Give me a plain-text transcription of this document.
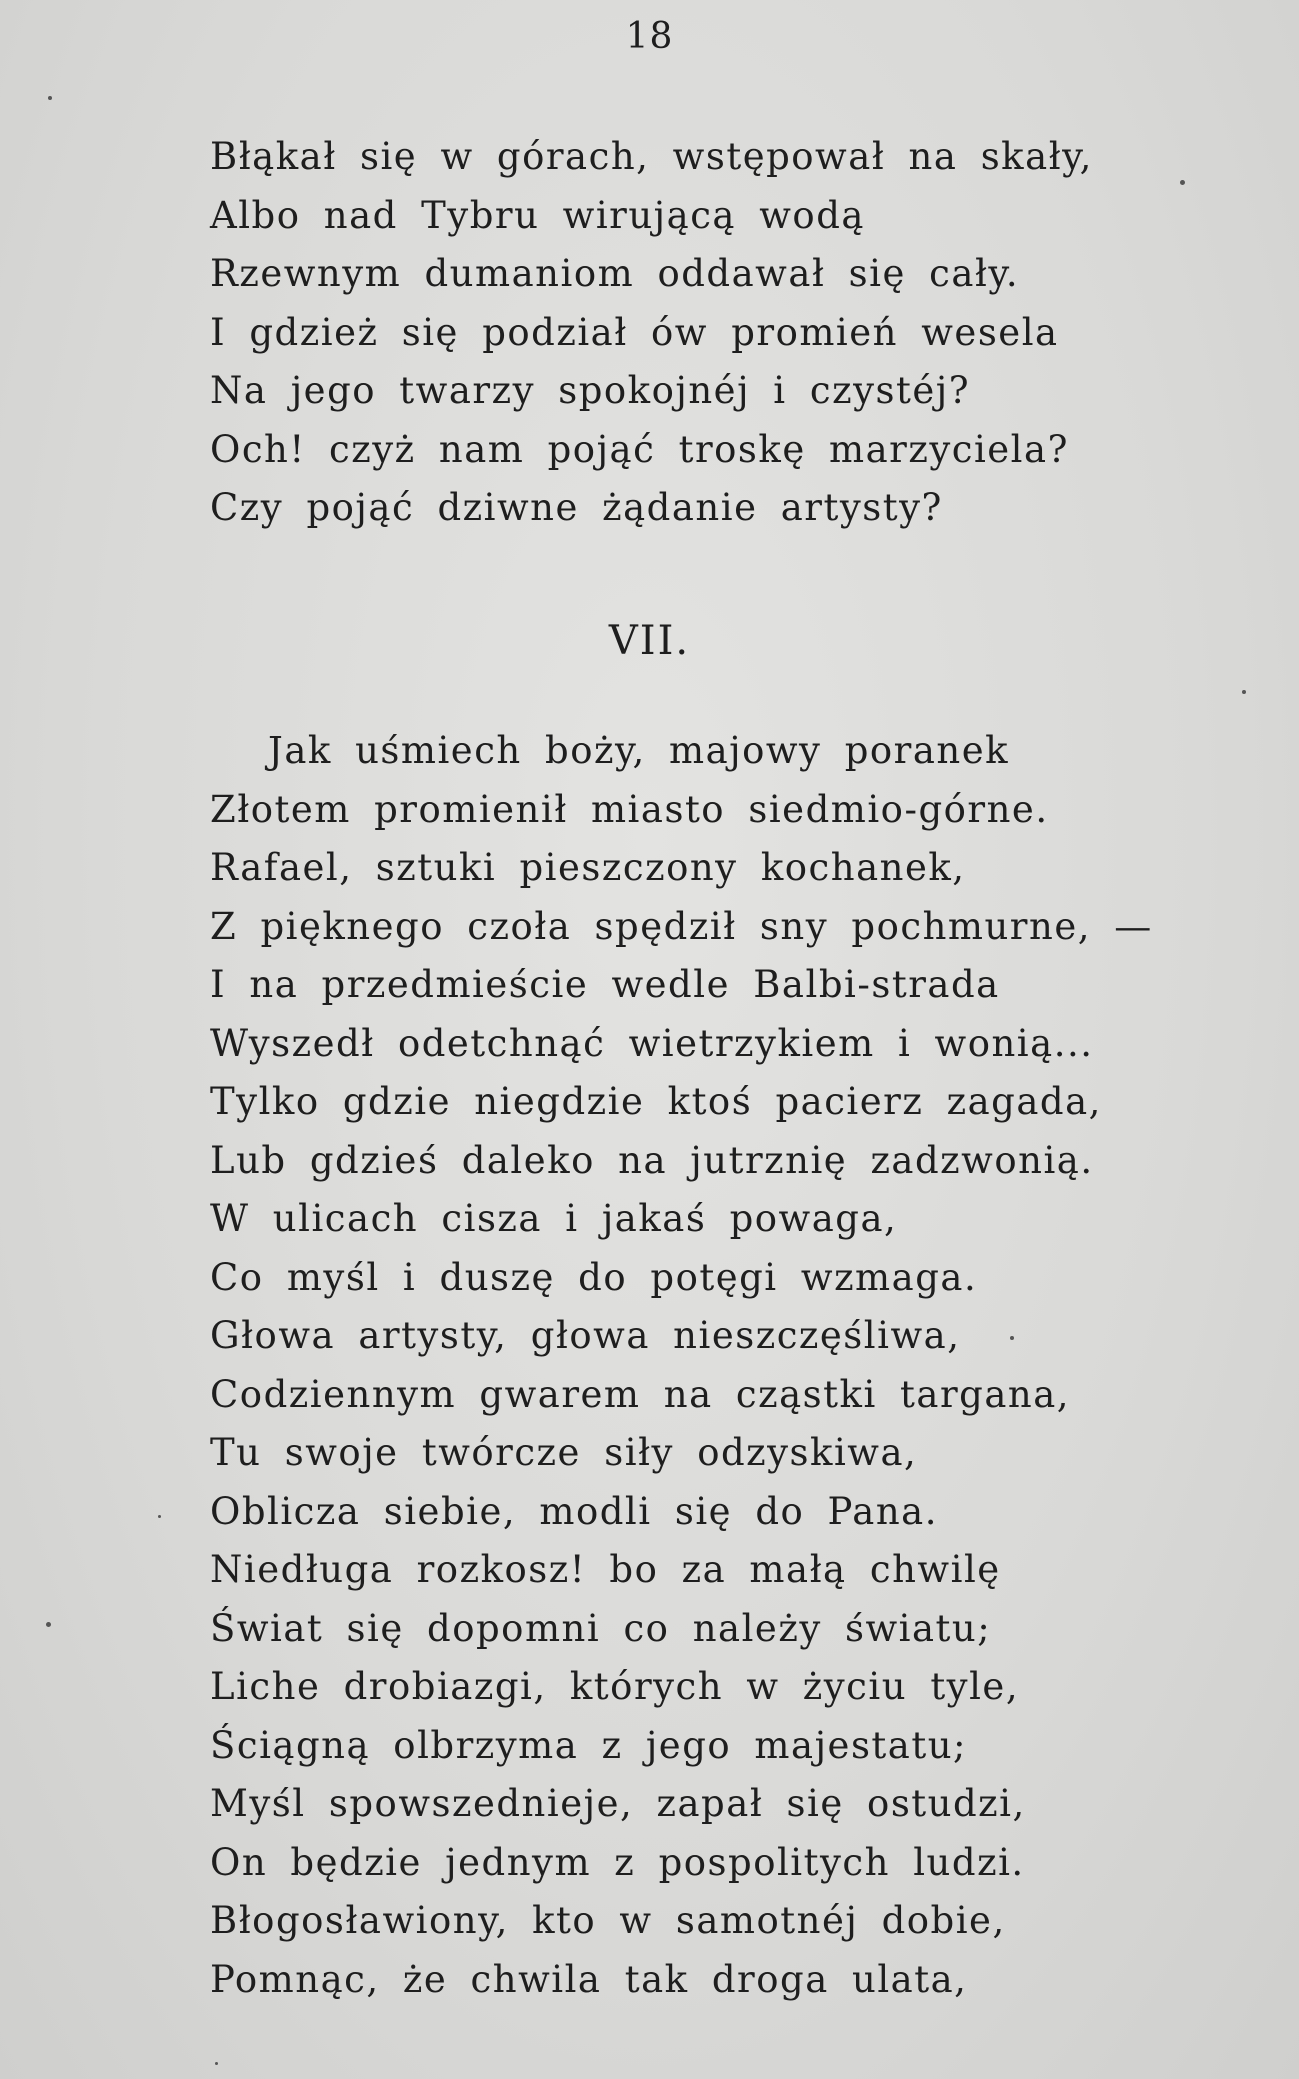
18
Błąkał się w górach, wstępował na skały,
Albo nad Tybru wirującą wodą
Rzewnym dumaniom oddawał się cały.
I gdzież się podział ów promień wesela
Na jego twarzy spokojnéj i czystéj?
Och! czyż nam pojąć troskę marzyciela?
Czy pojąć dziwne żądanie artysty?
VII.
Jak uśmiech boży, majowy poranek
Złotem promienił miasto siedmio-górne.
Rafael, sztuki pieszczony kochanek,
Z pięknego czoła spędził sny pochmurne, —
I na przedmieście wedle Balbi-strada
Wyszedł odetchnąć wietrzykiem i wonią...
Tylko gdzie niegdzie ktoś pacierz zagada,
Lub gdzieś daleko na jutrznię zadzwonią.
W ulicach cisza i jakaś powaga,
Co myśl i duszę do potęgi wzmaga.
Głowa artysty, głowa nieszczęśliwa,
Codziennym gwarem na cząstki targana,
Tu swoje twórcze siły odzyskiwa,
Oblicza siebie, modli się do Pana.
Niedługa rozkosz! bo za małą chwilę
Świat się dopomni co należy światu;
Liche drobiazgi, których w życiu tyle,
Ściągną olbrzyma z jego majestatu;
Myśl spowszednieje, zapał się ostudzi,
On będzie jednym z pospolitych ludzi.
Błogosławiony, kto w samotnéj dobie,
Pomnąc, że chwila tak droga ulata,
